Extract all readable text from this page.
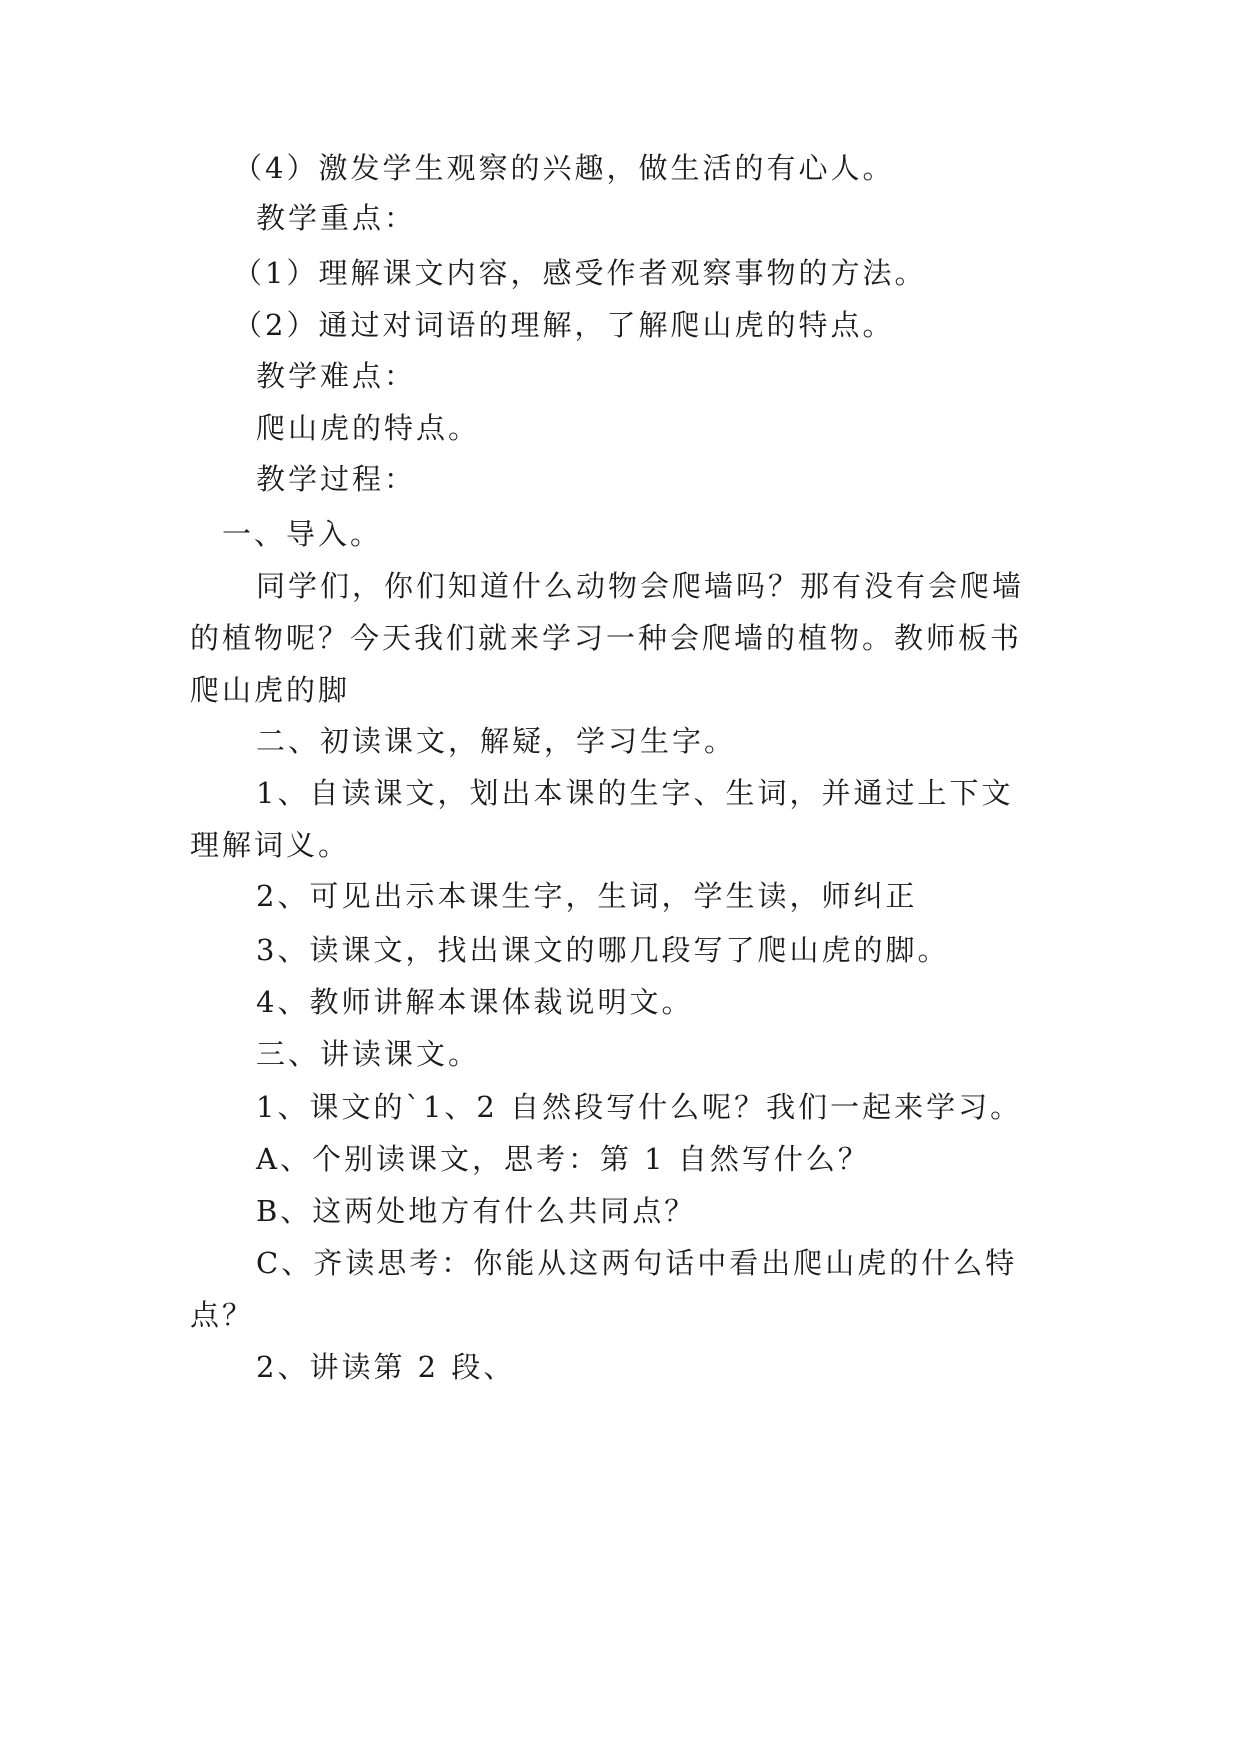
（4）激发学生观察的兴趣，做生活的有心人。
教学重点：
（1）理解课文内容，感受作者观察事物的方法。
（2）通过对词语的理解，了解爬山虎的特点。
教学难点：
爬山虎的特点。
教学过程：
一、导入。
同学们，你们知道什么动物会爬墙吗？那有没有会爬墙
的植物呢？今天我们就来学习一种会爬墙的植物。教师板书
爬山虎的脚
二、初读课文，解疑，学习生字。
1、自读课文，划出本课的生字、生词，并通过上下文
理解词义。
2、可见出示本课生字，生词，学生读，师纠正
3、读课文，找出课文的哪几段写了爬山虎的脚。
4、教师讲解本课体裁说明文。
三、讲读课文。
1、课文的`1、2 自然段写什么呢？我们一起来学习。
A、个别读课文，思考：第 1 自然写什么？
B、这两处地方有什么共同点？
C、齐读思考：你能从这两句话中看出爬山虎的什么特
点？
2、讲读第 2 段、
